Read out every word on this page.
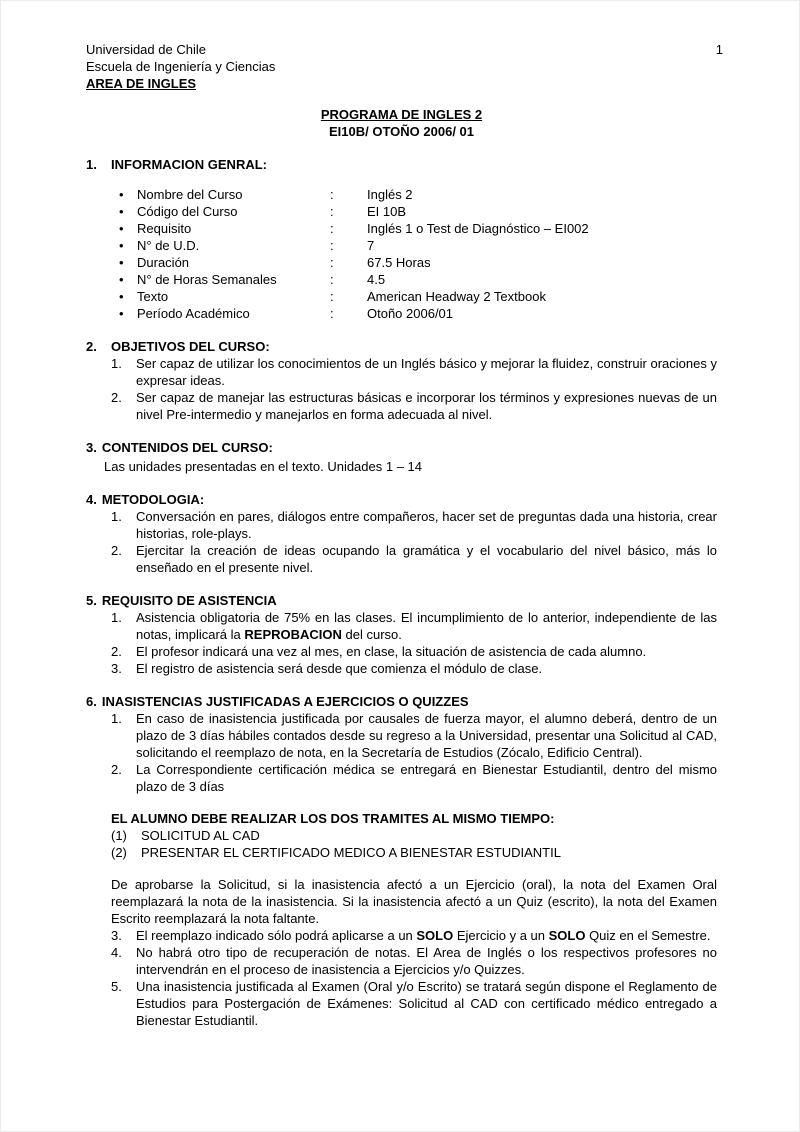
1
Universidad de Chile
Escuela de Ingeniería y Ciencias
AREA DE INGLES
PROGRAMA DE INGLES 2
EI10B/ OTOÑO 2006/ 01
1.	INFORMACION GENRAL:
•	Nombre del Curso	:	Inglés 2
•	Código del Curso	:	EI 10B
•	Requisito	:	Inglés 1 o Test de Diagnóstico – EI002
•	N° de U.D.	:	7
•	Duración	:	67.5 Horas
•	N° de Horas Semanales	:	4.5
•	Texto	:	American Headway 2 Textbook
•	Período Académico	:	Otoño 2006/01
2.	OBJETIVOS DEL CURSO:
1.	Ser capaz de utilizar los conocimientos de un Inglés básico y mejorar la fluidez, construir oraciones y expresar ideas.
2.	Ser capaz de manejar las estructuras básicas e incorporar los términos y expresiones nuevas de un nivel Pre-intermedio y manejarlos en forma adecuada al nivel.
3. CONTENIDOS DEL CURSO:
Las unidades presentadas en el texto. Unidades 1 – 14
4. METODOLOGIA:
1.	Conversación en pares, diálogos entre compañeros, hacer set de preguntas dada una historia, crear historias, role-plays.
2.	Ejercitar la creación de ideas ocupando la gramática y el vocabulario del nivel básico, más lo enseñado en el presente nivel.
5. REQUISITO DE ASISTENCIA
1.	Asistencia obligatoria de 75% en las clases. El incumplimiento de lo anterior, independiente de las notas, implicará la REPROBACION del curso.
2.	El profesor indicará una vez al mes, en clase, la situación de asistencia de cada alumno.
3.	El registro de asistencia será desde que comienza el módulo de clase.
6. INASISTENCIAS JUSTIFICADAS A EJERCICIOS O QUIZZES
1.	En caso de inasistencia justificada por causales de fuerza mayor, el alumno deberá, dentro de un plazo de 3 días hábiles contados desde su regreso a la Universidad, presentar una Solicitud al CAD, solicitando el reemplazo de nota, en la Secretaría de Estudios (Zócalo, Edificio Central).
2.	La Correspondiente certificación médica se entregará en Bienestar Estudiantil, dentro del mismo plazo de 3 días
EL ALUMNO DEBE REALIZAR LOS DOS TRAMITES AL MISMO TIEMPO:
(1)	SOLICITUD AL CAD
(2)	PRESENTAR EL CERTIFICADO MEDICO A BIENESTAR ESTUDIANTIL
De aprobarse la Solicitud, si la inasistencia afectó a un Ejercicio (oral), la nota del Examen Oral reemplazará la nota de la inasistencia. Si la inasistencia afectó a un Quiz (escrito), la nota del Examen Escrito reemplazará la nota faltante.
3.	El reemplazo indicado sólo podrá aplicarse a un SOLO Ejercicio y a un SOLO Quiz en el Semestre.
4.	No habrá otro tipo de recuperación de notas. El Area de Inglés o los respectivos profesores no intervendrán en el proceso de inasistencia a Ejercicios y/o Quizzes.
5.	Una inasistencia justificada al Examen (Oral y/o Escrito) se tratará según dispone el Reglamento de Estudios para Postergación de Exámenes: Solicitud al CAD con certificado médico entregado a Bienestar Estudiantil.
